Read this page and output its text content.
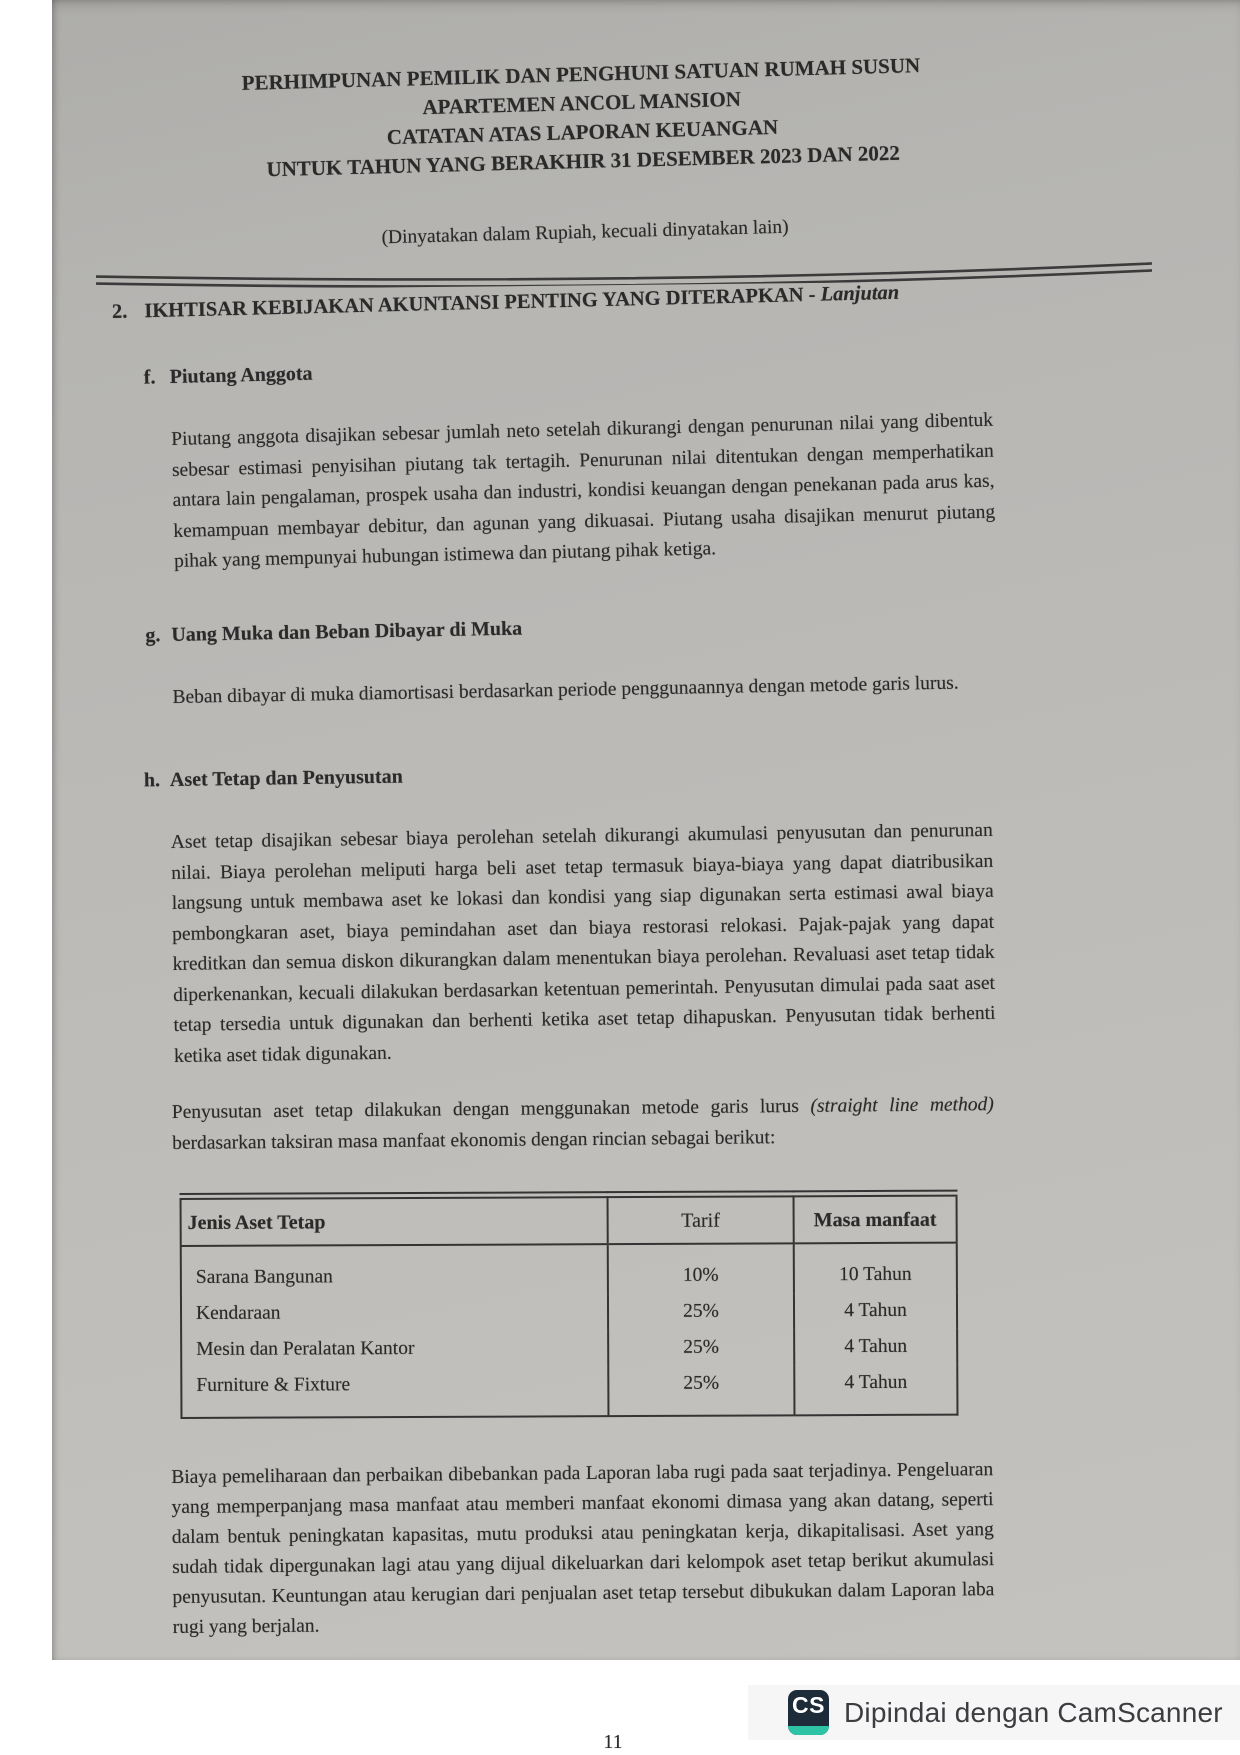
PERHIMPUNAN PEMILIK DAN PENGHUNI SATUAN RUMAH SUSUN
APARTEMEN ANCOL MANSION
CATATAN ATAS LAPORAN KEUANGAN
UNTUK TAHUN YANG BERAKHIR 31 DESEMBER 2023 DAN 2022
(Dinyatakan dalam Rupiah, kecuali dinyatakan lain)
2. IKHTISAR KEBIJAKAN AKUNTANSI PENTING YANG DITERAPKAN - Lanjutan
f. Piutang Anggota

Piutang anggota disajikan sebesar jumlah neto setelah dikurangi dengan penurunan nilai yang dibentuk sebesar estimasi penyisihan piutang tak tertagih. Penurunan nilai ditentukan dengan memperhatikan antara lain pengalaman, prospek usaha dan industri, kondisi keuangan dengan penekanan pada arus kas, kemampuan membayar debitur, dan agunan yang dikuasai. Piutang usaha disajikan menurut piutang pihak yang mempunyai hubungan istimewa dan piutang pihak ketiga.

g. Uang Muka dan Beban Dibayar di Muka

Beban dibayar di muka diamortisasi berdasarkan periode penggunaannya dengan metode garis lurus.

h. Aset Tetap dan Penyusutan

Aset tetap disajikan sebesar biaya perolehan setelah dikurangi akumulasi penyusutan dan penurunan nilai. Biaya perolehan meliputi harga beli aset tetap termasuk biaya-biaya yang dapat diatribusikan langsung untuk membawa aset ke lokasi dan kondisi yang siap digunakan serta estimasi awal biaya pembongkaran aset, biaya pemindahan aset dan biaya restorasi relokasi. Pajak-pajak yang dapat kreditkan dan semua diskon dikurangkan dalam menentukan biaya perolehan. Revaluasi aset tetap tidak diperkenankan, kecuali dilakukan berdasarkan ketentuan pemerintah. Penyusutan dimulai pada saat aset tetap tersedia untuk digunakan dan berhenti ketika aset tetap dihapuskan. Penyusutan tidak berhenti ketika aset tidak digunakan.

Penyusutan aset tetap dilakukan dengan menggunakan metode garis lurus (straight line method) berdasarkan taksiran masa manfaat ekonomis dengan rincian sebagai berikut:

Jenis Aset Tetap	Tarif	Masa manfaat
Sarana Bangunan	10%	10 Tahun
Kendaraan	25%	4 Tahun
Mesin dan Peralatan Kantor	25%	4 Tahun
Furniture & Fixture	25%	4 Tahun

Biaya pemeliharaan dan perbaikan dibebankan pada Laporan laba rugi pada saat terjadinya. Pengeluaran yang memperpanjang masa manfaat atau memberi manfaat ekonomi dimasa yang akan datang, seperti dalam bentuk peningkatan kapasitas, mutu produksi atau peningkatan kerja, dikapitalisasi. Aset yang sudah tidak dipergunakan lagi atau yang dijual dikeluarkan dari kelompok aset tetap berikut akumulasi penyusutan. Keuntungan atau kerugian dari penjualan aset tetap tersebut dibukukan dalam Laporan laba rugi yang berjalan.

11
CS Dipindai dengan CamScanner
